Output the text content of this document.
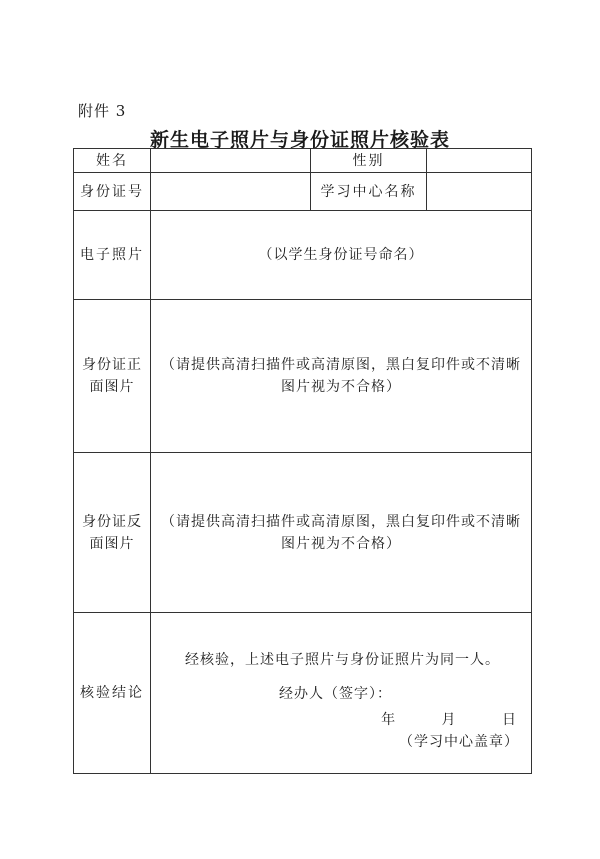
附件 3
新生电子照片与身份证照片核验表
姓名		性别	
身份证号		学习中心名称	
电子照片	（以学生身份证号命名）		

身份证正
面图片	（请提供高清扫描件或高清原图，黑白复印件或不清晰
图片视为不合格）		

身份证反
面图片	（请提供高清扫描件或高清原图，黑白复印件或不清晰
图片视为不合格）		

核验结论	经核验，上述电子照片与身份证照片为同一人。
经办人（签字）：
年 月 日
（学习中心盖章）		
